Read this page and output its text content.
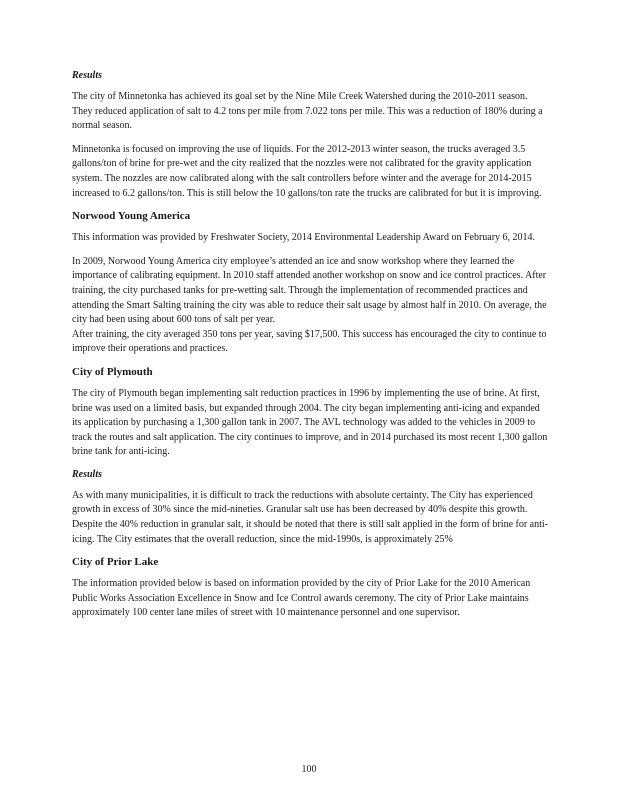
Results

The city of Minnetonka has achieved its goal set by the Nine Mile Creek Watershed during the 2010-2011 season. They reduced application of salt to 4.2 tons per mile from 7.022 tons per mile. This was a reduction of 180% during a normal season.

Minnetonka is focused on improving the use of liquids. For the 2012-2013 winter season, the trucks averaged 3.5 gallons/ton of brine for pre-wet and the city realized that the nozzles were not calibrated for the gravity application system. The nozzles are now calibrated along with the salt controllers before winter and the average for 2014-2015 increased to 6.2 gallons/ton. This is still below the 10 gallons/ton rate the trucks are calibrated for but it is improving.

Norwood Young America

This information was provided by Freshwater Society, 2014 Environmental Leadership Award on February 6, 2014.

In 2009, Norwood Young America city employee’s attended an ice and snow workshop where they learned the importance of calibrating equipment. In 2010 staff attended another workshop on snow and ice control practices. After training, the city purchased tanks for pre-wetting salt. Through the implementation of recommended practices and attending the Smart Salting training the city was able to reduce their salt usage by almost half in 2010. On average, the city had been using about 600 tons of salt per year.

After training, the city averaged 350 tons per year, saving $17,500. This success has encouraged the city to continue to improve their operations and practices.

City of Plymouth

The city of Plymouth began implementing salt reduction practices in 1996 by implementing the use of brine. At first, brine was used on a limited basis, but expanded through 2004. The city began implementing anti-icing and expanded its application by purchasing a 1,300 gallon tank in 2007. The AVL technology was added to the vehicles in 2009 to track the routes and salt application. The city continues to improve, and in 2014 purchased its most recent 1,300 gallon brine tank for anti-icing.

Results

As with many municipalities, it is difficult to track the reductions with absolute certainty. The City has experienced growth in excess of 30% since the mid-nineties. Granular salt use has been decreased by 40% despite this growth. Despite the 40% reduction in granular salt, it should be noted that there is still salt applied in the form of brine for anti-icing. The City estimates that the overall reduction, since the mid-1990s, is approximately 25%

City of Prior Lake

The information provided below is based on information provided by the city of Prior Lake for the 2010 American Public Works Association Excellence in Snow and Ice Control awards ceremony. The city of Prior Lake maintains approximately 100 center lane miles of street with 10 maintenance personnel and one supervisor.

100
